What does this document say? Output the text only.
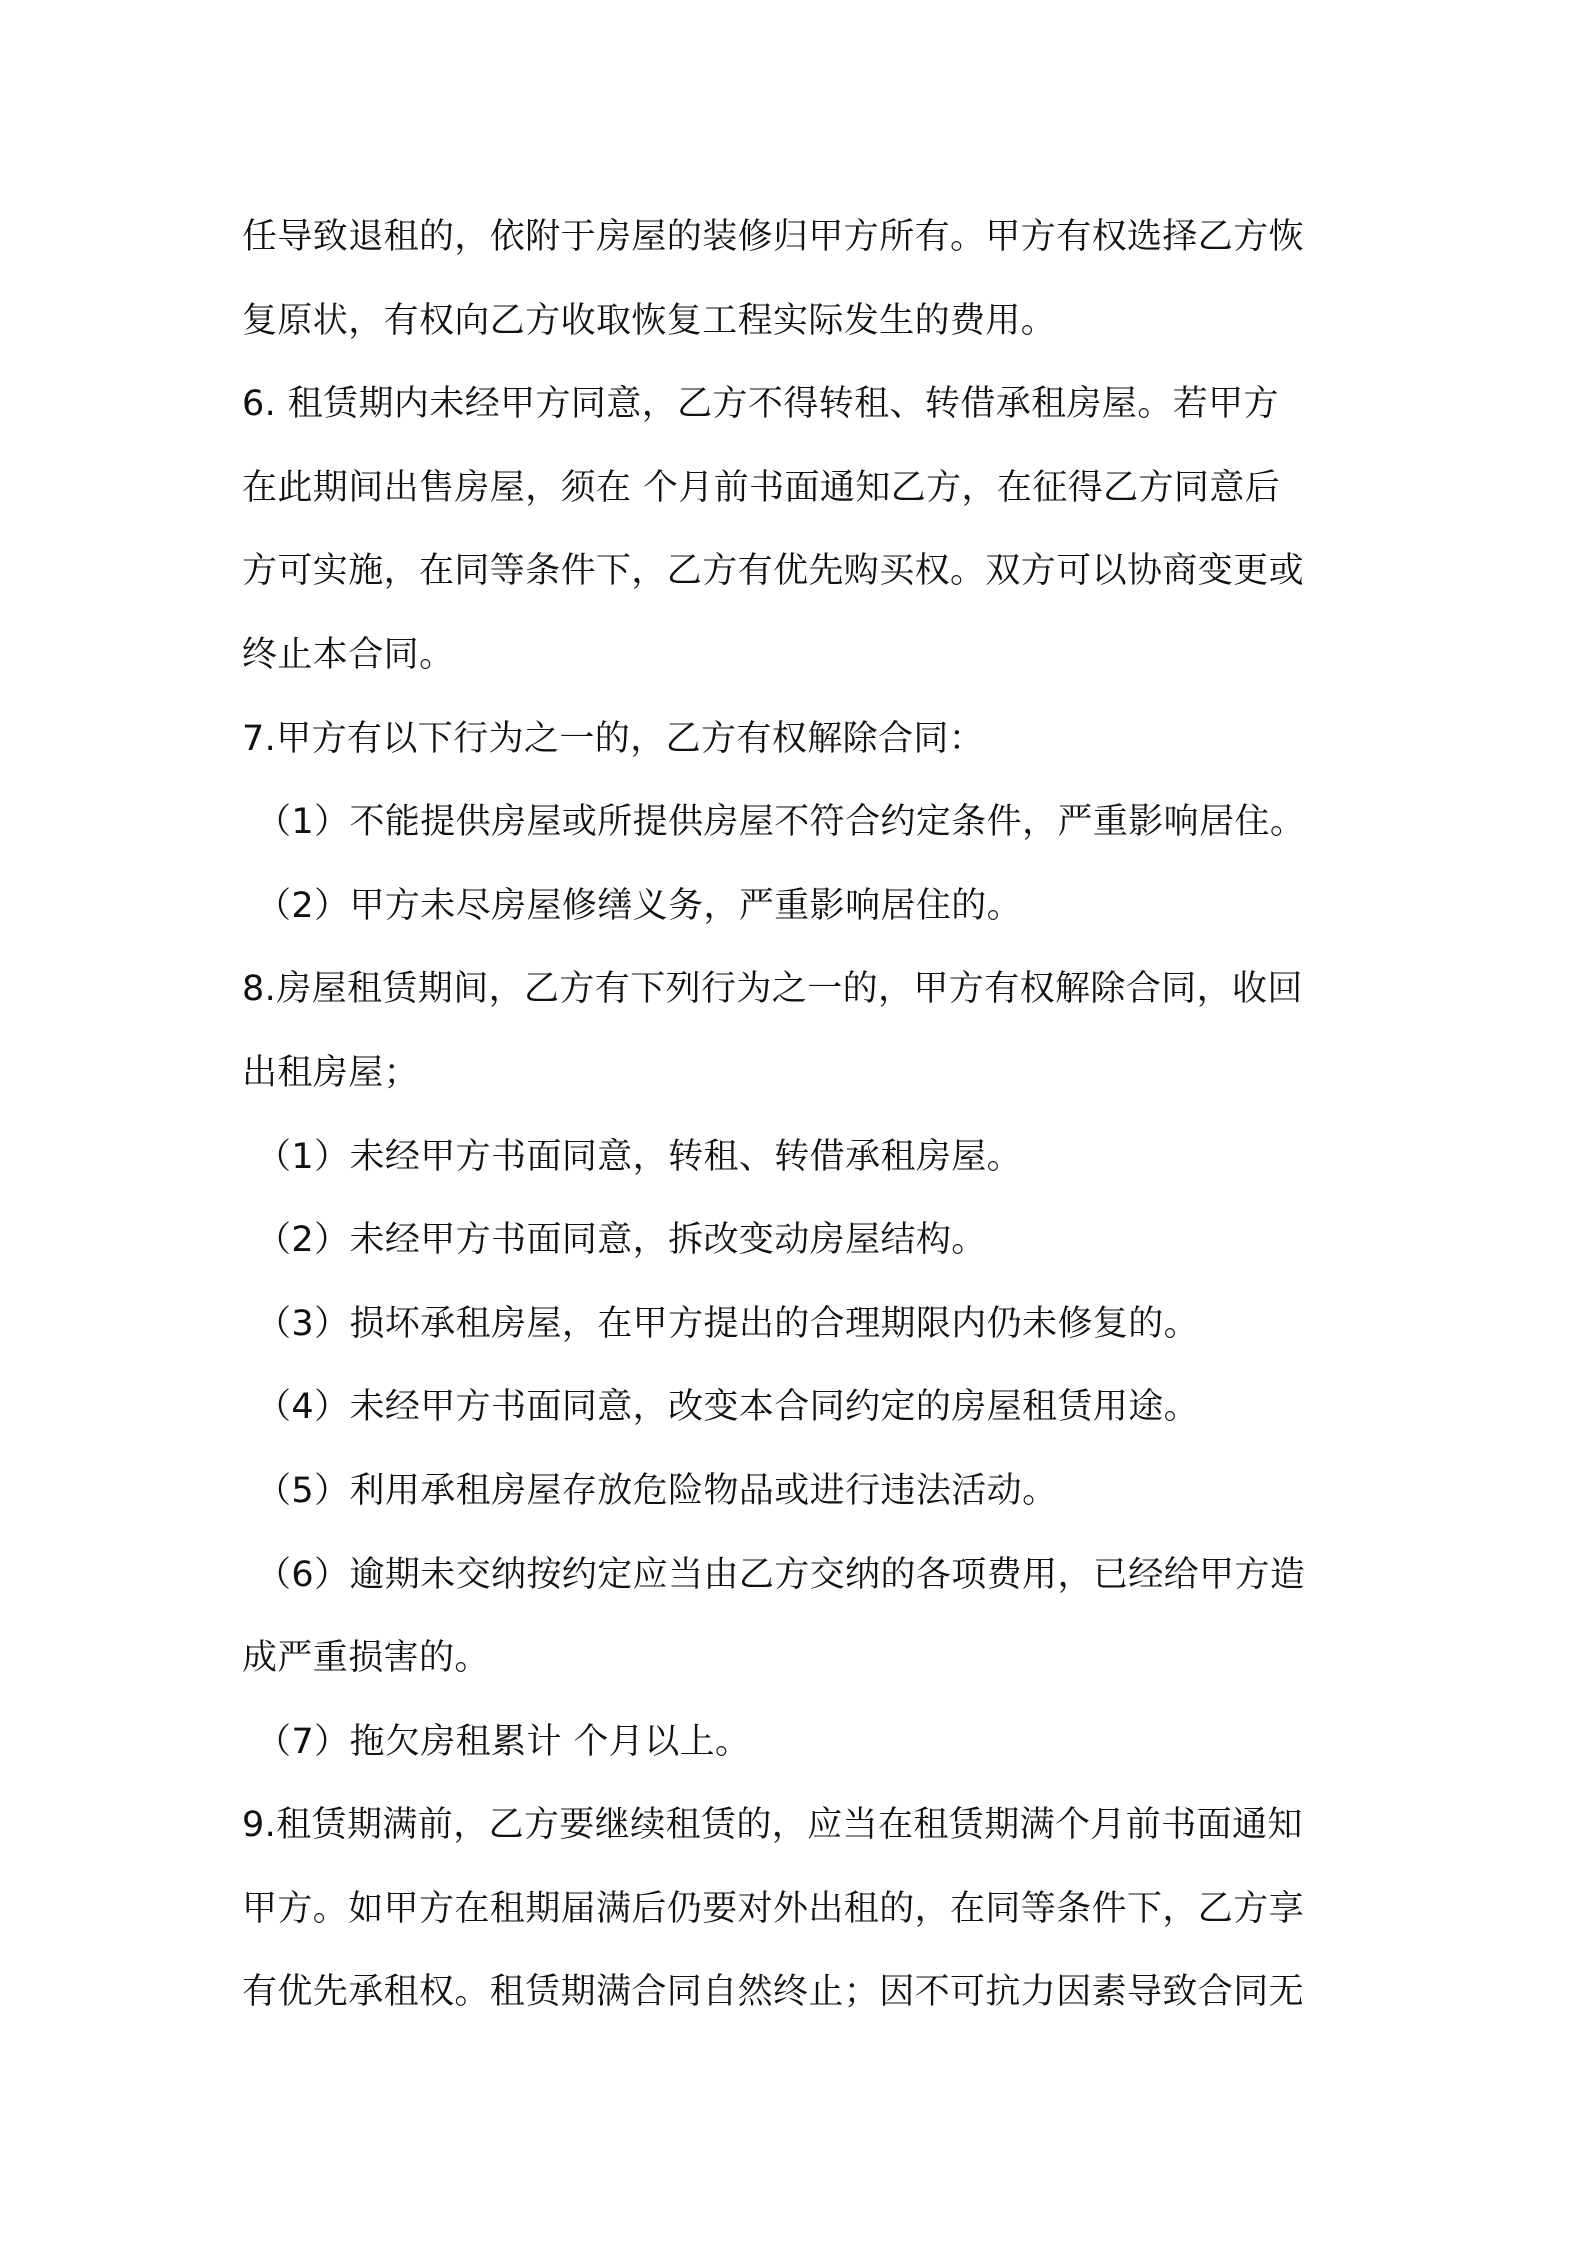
任导致退租的，依附于房屋的装修归甲方所有。甲方有权选择乙方恢
复原状，有权向乙方收取恢复工程实际发生的费用。
6. 租赁期内未经甲方同意，乙方不得转租、转借承租房屋。若甲方
在此期间出售房屋，须在 个月前书面通知乙方，在征得乙方同意后
方可实施，在同等条件下，乙方有优先购买权。双方可以协商变更或
终止本合同。
7.甲方有以下行为之一的，乙方有权解除合同：
（1）不能提供房屋或所提供房屋不符合约定条件，严重影响居住。
（2）甲方未尽房屋修缮义务，严重影响居住的。
8.房屋租赁期间，乙方有下列行为之一的，甲方有权解除合同，收回
出租房屋；
（1）未经甲方书面同意，转租、转借承租房屋。
（2）未经甲方书面同意，拆改变动房屋结构。
（3）损坏承租房屋，在甲方提出的合理期限内仍未修复的。
（4）未经甲方书面同意，改变本合同约定的房屋租赁用途。
（5）利用承租房屋存放危险物品或进行违法活动。
（6）逾期未交纳按约定应当由乙方交纳的各项费用，已经给甲方造
成严重损害的。
（7）拖欠房租累计 个月以上。
9.租赁期满前，乙方要继续租赁的，应当在租赁期满个月前书面通知
甲方。如甲方在租期届满后仍要对外出租的，在同等条件下，乙方享
有优先承租权。租赁期满合同自然终止；因不可抗力因素导致合同无
